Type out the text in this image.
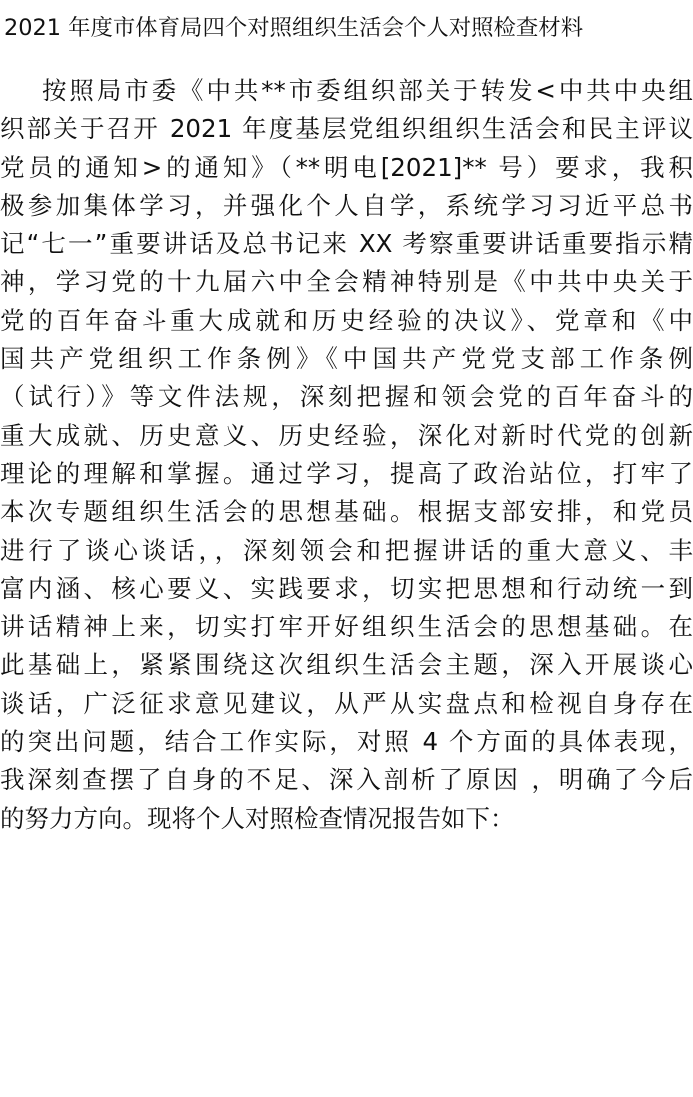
2021 年度市体育局四个对照组织生活会个人对照检查材料
按照局市委《中共**市委组织部关于转发<中共中央组
织部关于召开 2021 年度基层党组织组织生活会和民主评议
党员的通知>的通知》（**明电[2021]** 号）要求，我积
极参加集体学习，并强化个人自学，系统学习习近平总书
记“七一”重要讲话及总书记来 XX 考察重要讲话重要指示精
神，学习党的十九届六中全会精神特别是《中共中央关于
党的百年奋斗重大成就和历史经验的决议》、党章和《中
国共产党组织工作条例》《中国共产党党支部工作条例
（试行）》等文件法规，深刻把握和领会党的百年奋斗的
重大成就、历史意义、历史经验，深化对新时代党的创新
理论的理解和掌握。通过学习，提高了政治站位，打牢了
本次专题组织生活会的思想基础。根据支部安排，和党员
进行了谈心谈话，，深刻领会和把握讲话的重大意义、丰
富内涵、核心要义、实践要求，切实把思想和行动统一到
讲话精神上来，切实打牢开好组织生活会的思想基础。在
此基础上，紧紧围绕这次组织生活会主题，深入开展谈心
谈话，广泛征求意见建议，从严从实盘点和检视自身存在
的突出问题，结合工作实际，对照 4 个方面的具体表现，
我深刻查摆了自身的不足、深入剖析了原因 ，明确了今后
的努力方向。现将个人对照检查情况报告如下：
